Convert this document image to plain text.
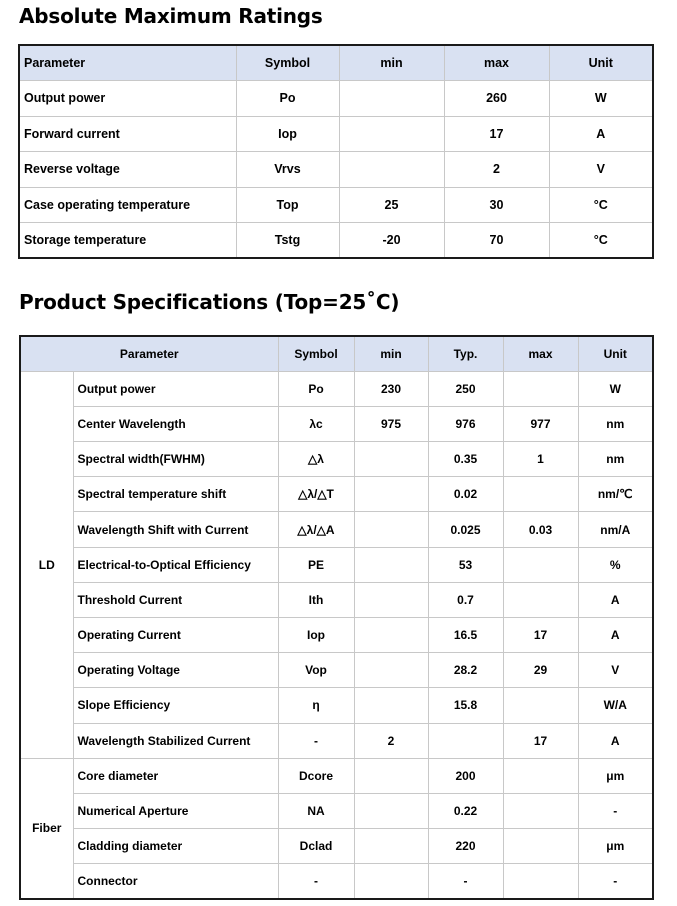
Absolute Maximum Ratings
Parameter	Symbol	min	max	Unit
Output power	Po		260	W
Forward current	Iop		17	A
Reverse voltage	Vrvs		2	V
Case operating temperature	Top	25	30	°C
Storage temperature	Tstg	-20	70	°C
Product Specifications (Top=25˚C)
Parameter		Symbol	min	Typ.	max	Unit
LD	Output power	Po	230	250		W
	Center Wavelength	λc	975	976	977	nm
	Spectral width(FWHM)	△λ		0.35	1	nm
	Spectral temperature shift	△λ/△T		0.02		nm/℃
	Wavelength Shift with Current	△λ/△A		0.025	0.03	nm/A
	Electrical-to-Optical Efficiency	PE		53		%
	Threshold Current	Ith		0.7		A
	Operating Current	Iop		16.5	17	A
	Operating Voltage	Vop		28.2	29	V
	Slope Efficiency	η		15.8		W/A
	Wavelength Stabilized Current	-	2		17	A
Fiber	Core diameter	Dcore		200		μm
	Numerical Aperture	NA		0.22		-
	Cladding diameter	Dclad		220		μm
	Connector	-		-		-
